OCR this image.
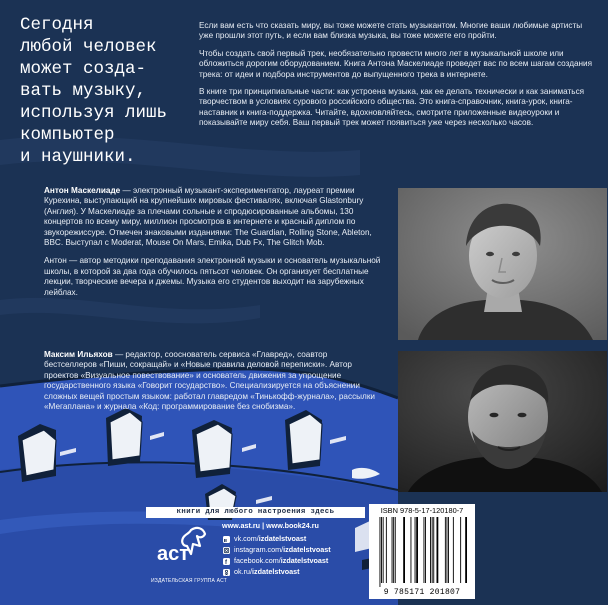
Сегодня
любой человек
может созда-
вать музыку,
используя лишь
компьютер
и наушники.

Если вам есть что сказать миру, вы тоже можете стать музыкантом. Многие ваши любимые артисты уже прошли этот путь, и если вам близка музыка, вы тоже можете его пройти.

Чтобы создать свой первый трек, необязательно провести много лет в музыкальной школе или обложиться дорогим оборудованием. Книга Антона Маскелиаде проведет вас по всем шагам создания трека: от идеи и подбора инструментов до выпущенного трека в интернете.

В книге три принципиальные части: как устроена музыка, как ее делать технически и как заниматься творчеством в условиях сурового российского общества. Это книга-справочник, книга-урок, книга-наставник и книга-поддержка. Читайте, вдохновляйтесь, смотрите приложенные видеоуроки и показывайте миру себя. Ваш первый трек может появиться уже через несколько часов.

Антон Маскелиаде — электронный музыкант-экспериментатор, лауреат премии Курехина, выступающий на крупнейших мировых фестивалях, включая Glastonbury (Англия). У Маскелиаде за плечами сольные и спродюсированные альбомы, 130 концертов по всему миру, миллион просмотров в интернете и красный диплом по звукорежиссуре. Отмечен знаковыми изданиями: The Guardian, Rolling Stone, Ableton, BBC. Выступал с Moderat, Mouse On Mars, Emika, Dub Fx, The Glitch Mob.

Антон — автор методики преподавания электронной музыки и основатель музыкальной школы, в которой за два года обучилось пятьсот человек. Он организует бесплатные лекции, творческие вечера и джемы. Музыка его студентов выходит на зарубежных лейблах.

Максим Ильяхов — редактор, сооснователь сервиса «Главред», соавтор бестселлеров «Пиши, сокращай» и «Новые правила деловой переписки». Автор проектов «Визуальное повествование» и основатель движения за упрощение государственного языка «Говорит государство». Специализируется на объяснении сложных вещей простым языком: работал главредом «Тинькофф-журнала», рассылки «Мегаплана» и журнала «Код: программирование без снобизма».

книги для любого настроения здесь
аст
ИЗДАТЕЛЬСКАЯ ГРУППА АСТ
www.ast.ru | www.book24.ru
в vk.com/izdatelstvoast
instagram.com/izdatelstvoast
f facebook.com/izdatelstvoast
ok.ru/izdatelstvoast
ISBN 978-5-17-120180-7
9 785171 201807
